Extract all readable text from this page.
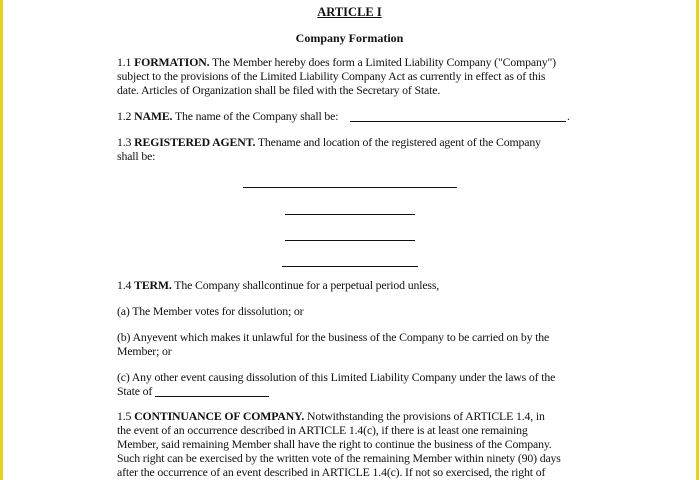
ARTICLE I
Company Formation
1.1 FORMATION. The Member hereby does form a Limited Liability Company ("Company")
subject to the provisions of the Limited Liability Company Act as currently in effect as of this
date. Articles of Organization shall be filed with the Secretary of State.
1.2 NAME. The name of the Company shall be:	.
1.3 REGISTERED AGENT. Thename and location of the registered agent of the Company
shall be:
1.4 TERM. The Company shallcontinue for a perpetual period unless,
(a) The Member votes for dissolution; or
(b) Anyevent which makes it unlawful for the business of the Company to be carried on by the
Member; or
(c) Any other event causing dissolution of this Limited Liability Company under the laws of the
State of
1.5 CONTINUANCE OF COMPANY. Notwithstanding the provisions of ARTICLE 1.4, in
the event of an occurrence described in ARTICLE 1.4(c), if there is at least one remaining
Member, said remaining Member shall have the right to continue the business of the Company.
Such right can be exercised by the written vote of the remaining Member within ninety (90) days
after the occurrence of an event described in ARTICLE 1.4(c). If not so exercised, the right of
